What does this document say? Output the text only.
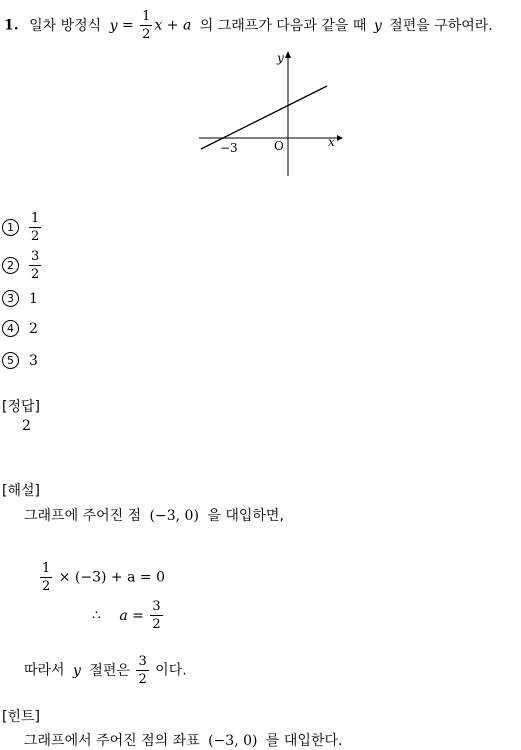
1. 일차 방정식 $y = \frac{1}{2}$ x + a 의 그래프가 다음과 같을 때 y 절편을 구하여라.
y
x
O
−3
1	$\frac{1}{2}$
2	$\frac{3}{2}$
3	1
4	2
5	3
[정답]
2
[해설]
그래프에 주어진 점 (−3, 0) 을 대입하면,
$\frac{1}{2} \times (-3) + a = 0$
∴ $a = \frac{3}{2}$
따라서 y 절편은 $\frac{3}{2}$ 이다.
[힌트]
그래프에서 주어진 점의 좌표 (−3, 0) 를 대입한다.
